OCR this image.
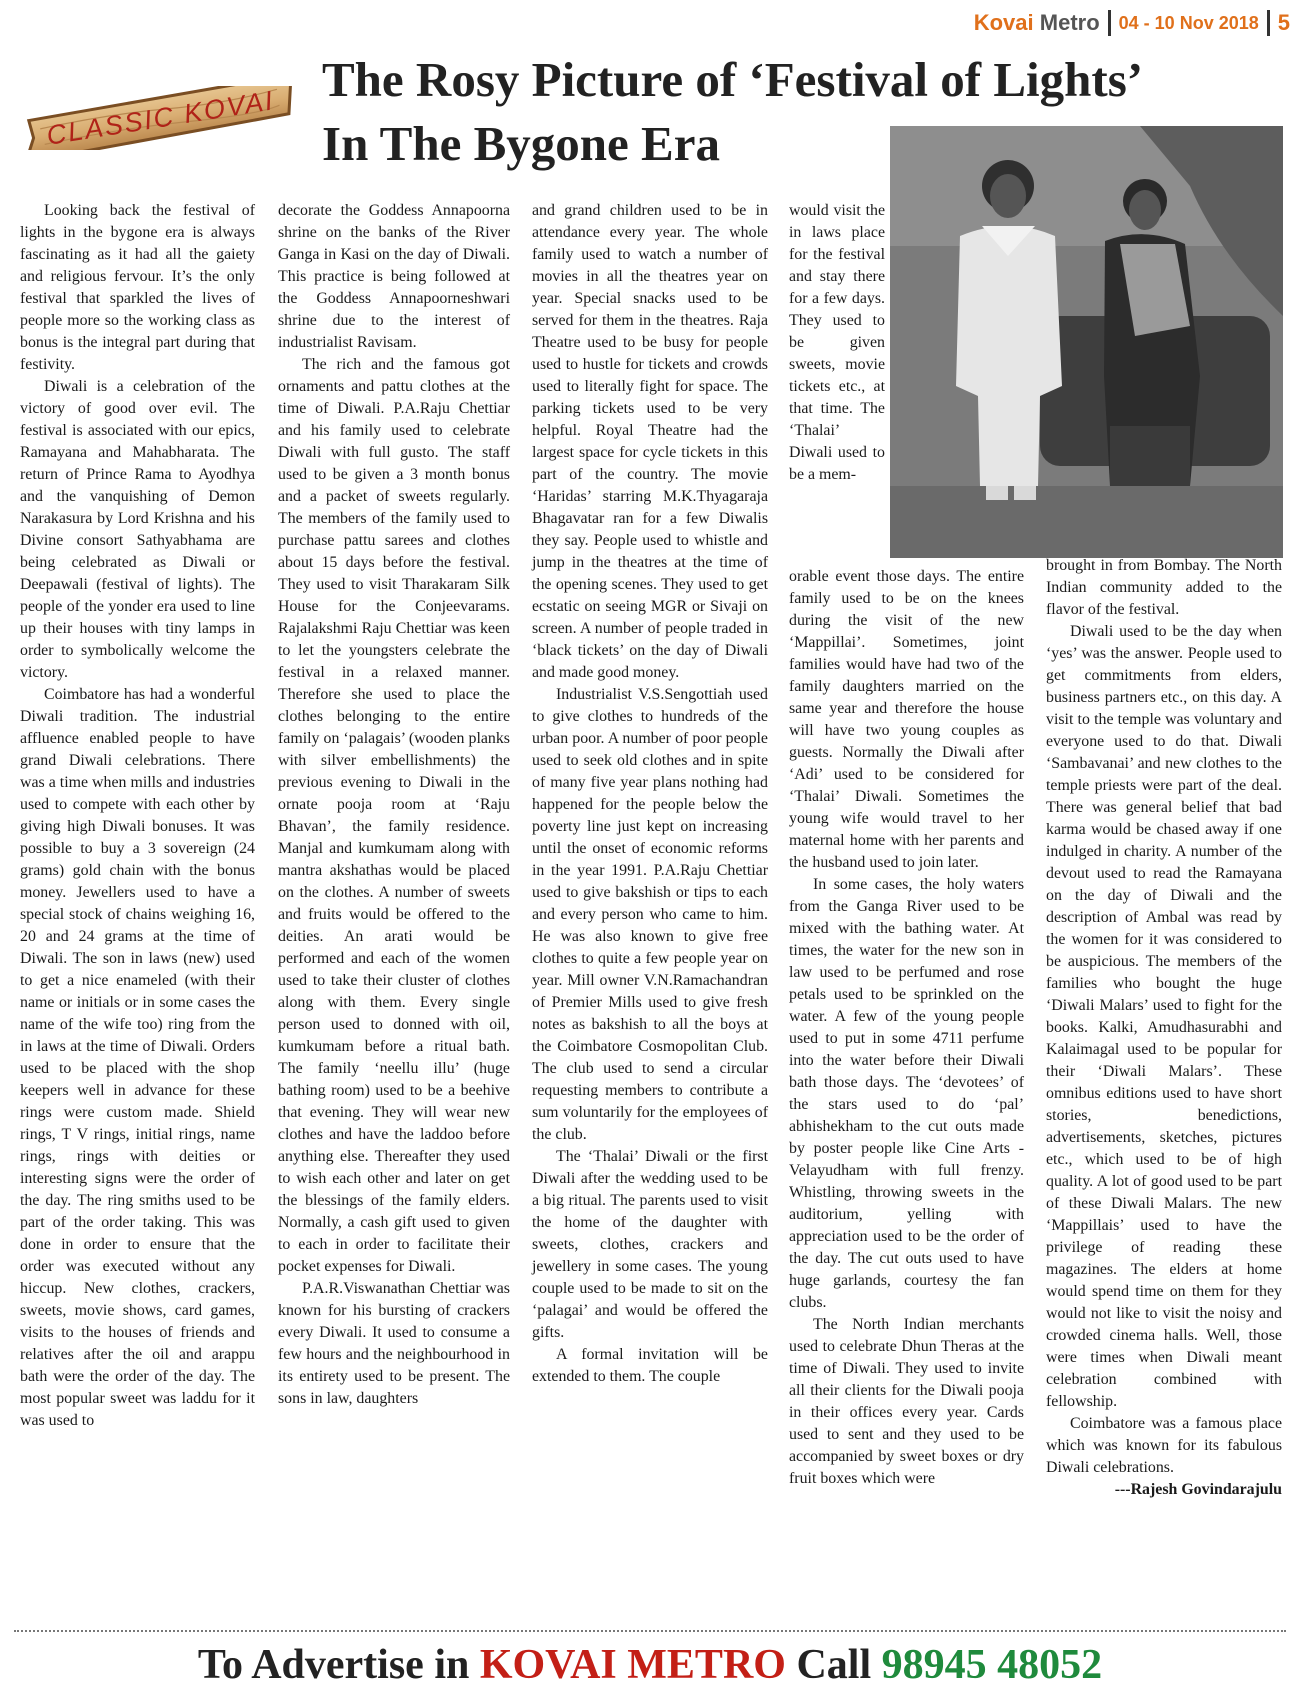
Kovai Metro 04 - 10 Nov 2018 5
CLASSIC KOVAI
The Rosy Picture of ‘Festival of Lights’
In The Bygone Era

Looking back the festival of lights in the bygone era is always fascinating as it had all the gaiety and religious fervour. It’s the only festival that sparkled the lives of people more so the working class as bonus is the integral part during that festivity.

Diwali is a celebration of the victory of good over evil. The festival is associated with our epics, Ramayana and Mahabharata. The return of Prince Rama to Ayodhya and the vanquishing of Demon Narakasura by Lord Krishna and his Divine consort Sathyabhama are being celebrated as Diwali or Deepawali (festival of lights). The people of the yonder era used to line up their houses with tiny lamps in order to symbolically welcome the victory.

Coimbatore has had a wonderful Diwali tradition. The industrial affluence enabled people to have grand Diwali celebrations. There was a time when mills and industries used to compete with each other by giving high Diwali bonuses. It was possible to buy a 3 sovereign (24 grams) gold chain with the bonus money. Jewellers used to have a special stock of chains weighing 16, 20 and 24 grams at the time of Diwali. The son in laws (new) used to get a nice enameled (with their name or initials or in some cases the name of the wife too) ring from the in laws at the time of Diwali. Orders used to be placed with the shop keepers well in advance for these rings were custom made. Shield rings, T V rings, initial rings, name rings, rings with deities or interesting signs were the order of the day. The ring smiths used to be part of the order taking. This was done in order to ensure that the order was executed without any hiccup. New clothes, crackers, sweets, movie shows, card games, visits to the houses of friends and relatives after the oil and arappu bath were the order of the day. The most popular sweet was laddu for it was used to

decorate the Goddess Annapoorna shrine on the banks of the River Ganga in Kasi on the day of Diwali. This practice is being followed at the Goddess Annapoorneshwari shrine due to the interest of industrialist Ravisam.

The rich and the famous got ornaments and pattu clothes at the time of Diwali. P.A.Raju Chettiar and his family used to celebrate Diwali with full gusto. The staff used to be given a 3 month bonus and a packet of sweets regularly. The members of the family used to purchase pattu sarees and clothes about 15 days before the festival. They used to visit Tharakaram Silk House for the Conjeevarams. Rajalakshmi Raju Chettiar was keen to let the youngsters celebrate the festival in a relaxed manner. Therefore she used to place the clothes belonging to the entire family on ‘palagais’ (wooden planks with silver embellishments) the previous evening to Diwali in the ornate pooja room at ‘Raju Bhavan’, the family residence. Manjal and kumkumam along with mantra akshathas would be placed on the clothes. A number of sweets and fruits would be offered to the deities. An arati would be performed and each of the women used to take their cluster of clothes along with them. Every single person used to donned with oil, kumkumam before a ritual bath. The family ‘neellu illu’ (huge bathing room) used to be a beehive that evening. They will wear new clothes and have the laddoo before anything else. Thereafter they used to wish each other and later on get the blessings of the family elders. Normally, a cash gift used to given to each in order to facilitate their pocket expenses for Diwali.

P.A.R.Viswanathan Chettiar was known for his bursting of crackers every Diwali. It used to consume a few hours and the neighbourhood in its entirety used to be present. The sons in law, daughters

and grand children used to be in attendance every year. The whole family used to watch a number of movies in all the theatres year on year. Special snacks used to be served for them in the theatres. Raja Theatre used to be busy for people used to hustle for tickets and crowds used to literally fight for space. The parking tickets used to be very helpful. Royal Theatre had the largest space for cycle tickets in this part of the country. The movie ‘Haridas’ starring M.K.Thyagaraja Bhagavatar ran for a few Diwalis they say. People used to whistle and jump in the theatres at the time of the opening scenes. They used to get ecstatic on seeing MGR or Sivaji on screen. A number of people traded in ‘black tickets’ on the day of Diwali and made good money.

Industrialist V.S.Sengottiah used to give clothes to hundreds of the urban poor. A number of poor people used to seek old clothes and in spite of many five year plans nothing had happened for the people below the poverty line just kept on increasing until the onset of economic reforms in the year 1991. P.A.Raju Chettiar used to give bakshish or tips to each and every person who came to him. He was also known to give free clothes to quite a few people year on year. Mill owner V.N.Ramachandran of Premier Mills used to give fresh notes as bakshish to all the boys at the Coimbatore Cosmopolitan Club. The club used to send a circular requesting members to contribute a sum voluntarily for the employees of the club.

The ‘Thalai’ Diwali or the first Diwali after the wedding used to be a big ritual. The parents used to visit the home of the daughter with sweets, clothes, crackers and jewellery in some cases. The young couple used to be made to sit on the ‘palagai’ and would be offered the gifts.

A formal invitation will be extended to them. The couple

would visit the in laws place for the festival and stay there for a few days. They used to be given sweets, movie tickets etc., at that time. The ‘Thalai’ Diwali used to be a mem-

orable event those days. The entire family used to be on the knees during the visit of the new ‘Mappillai’. Sometimes, joint families would have had two of the family daughters married on the same year and therefore the house will have two young couples as guests. Normally the Diwali after ‘Adi’ used to be considered for ‘Thalai’ Diwali. Sometimes the young wife would travel to her maternal home with her parents and the husband used to join later.

In some cases, the holy waters from the Ganga River used to be mixed with the bathing water. At times, the water for the new son in law used to be perfumed and rose petals used to be sprinkled on the water. A few of the young people used to put in some 4711 perfume into the water before their Diwali bath those days. The ‘devotees’ of the stars used to do ‘pal’ abhishekham to the cut outs made by poster people like Cine Arts - Velayudham with full frenzy. Whistling, throwing sweets in the auditorium, yelling with appreciation used to be the order of the day. The cut outs used to have huge garlands, courtesy the fan clubs.

The North Indian merchants used to celebrate Dhun Theras at the time of Diwali. They used to invite all their clients for the Diwali pooja in their offices every year. Cards used to sent and they used to be accompanied by sweet boxes or dry fruit boxes which were

brought in from Bombay. The North Indian community added to the flavor of the festival.

Diwali used to be the day when ‘yes’ was the answer. People used to get commitments from elders, business partners etc., on this day. A visit to the temple was voluntary and everyone used to do that. Diwali ‘Sambavanai’ and new clothes to the temple priests were part of the deal. There was general belief that bad karma would be chased away if one indulged in charity. A number of the devout used to read the Ramayana on the day of Diwali and the description of Ambal was read by the women for it was considered to be auspicious. The members of the families who bought the huge ‘Diwali Malars’ used to fight for the books. Kalki, Amudhasurabhi and Kalaimagal used to be popular for their ‘Diwali Malars’. These omnibus editions used to have short stories, benedictions, advertisements, sketches, pictures etc., which used to be of high quality. A lot of good used to be part of these Diwali Malars. The new ‘Mappillais’ used to have the privilege of reading these magazines. The elders at home would spend time on them for they would not like to visit the noisy and crowded cinema halls. Well, those were times when Diwali meant celebration combined with fellowship.

Coimbatore was a famous place which was known for its fabulous Diwali celebrations.

---Rajesh Govindarajulu

To Advertise in KOVAI METRO Call 98945 48052
